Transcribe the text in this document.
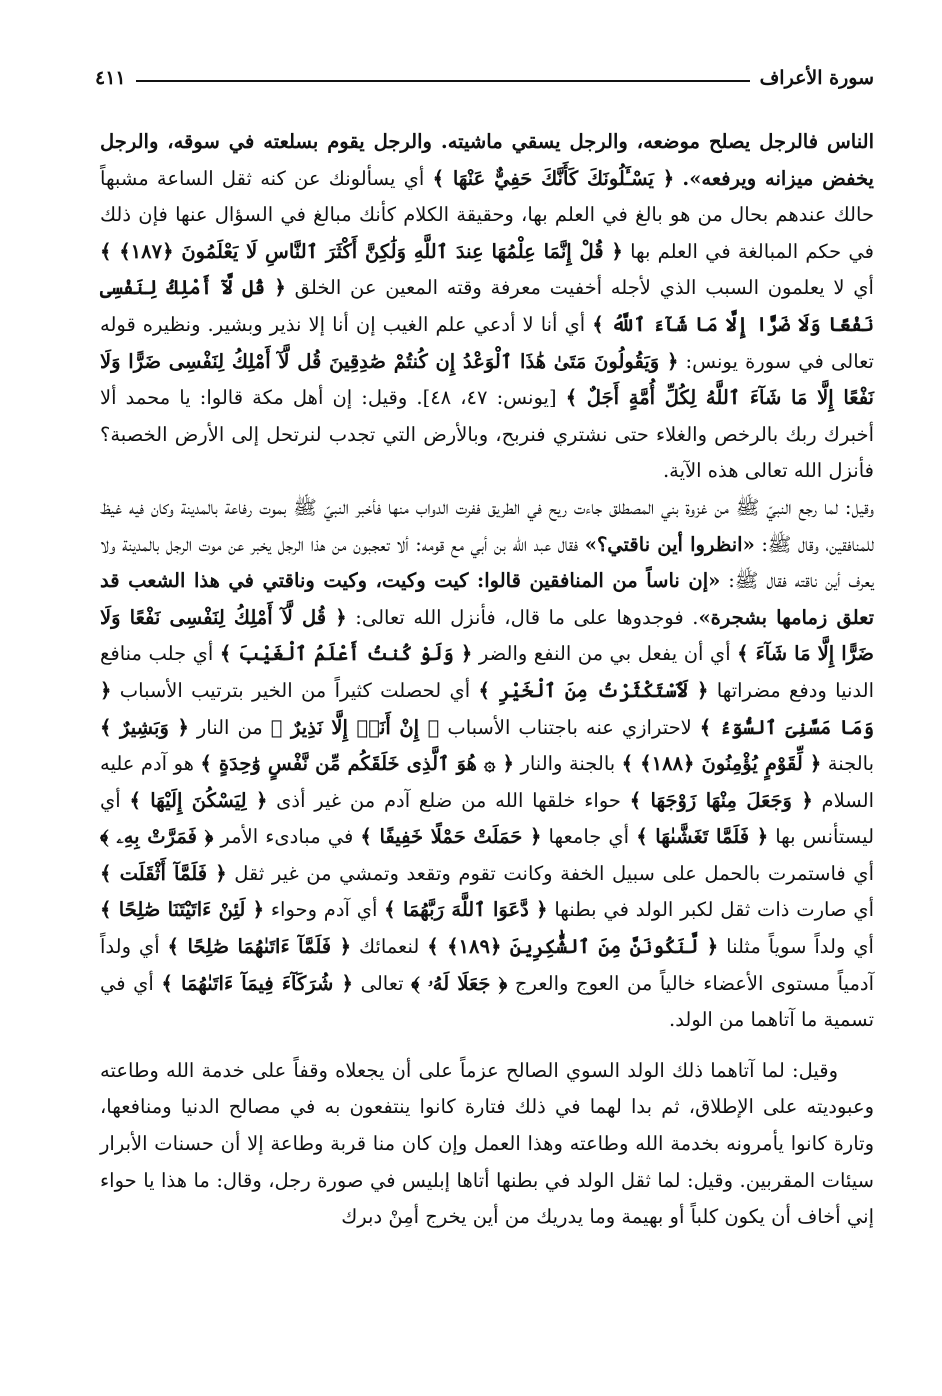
سورة الأعراف
٤١١

الناس فالرجل يصلح موضعه، والرجل يسقي ماشيته. والرجل يقوم بسلعته في سوقه، والرجل يخفض ميزانه ويرفعه». ﴿ يَسْـَٔلُونَكَ كَأَنَّكَ حَفِيٌّ عَنْهَا ﴾ أي يسألونك عن كنه ثقل الساعة مشبهاً حالك عندهم بحال من هو بالغ في العلم بها، وحقيقة الكلام كأنك مبالغ في السؤال عنها فإن ذلك في حكم المبالغة في العلم بها ﴿ قُلْ إِنَّمَا عِلْمُهَا عِندَ ٱللَّهِ وَلَٰكِنَّ أَكْثَرَ ٱلنَّاسِ لَا يَعْلَمُونَ ﴿١٨٧﴾ ﴾ أي لا يعلمون السبب الذي لأجله أخفيت معرفة وقته المعين عن الخلق ﴿ قُل لَّآ أَمْلِكُ لِنَفْسِى نَفْعًا وَلَا ضَرًّا إِلَّا مَا شَآءَ ٱللَّهُ ﴾ أي أنا لا أدعي علم الغيب إن أنا إلا نذير وبشير. ونظيره قوله تعالى في سورة يونس: ﴿ وَيَقُولُونَ مَتَىٰ هَٰذَا ٱلْوَعْدُ إِن كُنتُمْ صَٰدِقِينَ قُل لَّآ أَمْلِكُ لِنَفْسِى ضَرًّا وَلَا نَفْعًا إِلَّا مَا شَآءَ ٱللَّهُ لِكُلِّ أُمَّةٍ أَجَلٌ ﴾ [يونس: ٤٧، ٤٨]. وقيل: إن أهل مكة قالوا: يا محمد ألا أخبرك ربك بالرخص والغلاء حتى نشتري فنربح، وبالأرض التي تجدب لنرتحل إلى الأرض الخصبة؟ فأنزل الله تعالى هذه الآية.

وقيل: لما رجع النبيّ ﷺ من غزوة بني المصطلق جاءت ريح في الطريق ففرت الدواب منها فأخبر النبيّ ﷺ بموت رفاعة بالمدينة وكان فيه غيظ للمنافقين، وقال ﷺ: «انظروا أين ناقتي؟» فقال عبد الله بن أبي مع قومه: ألا تعجبون من هذا الرجل يخبر عن موت الرجل بالمدينة ولا يعرف أين ناقته فقال ﷺ: «إن ناساً من المنافقين قالوا: كيت وكيت، وكيت وناقتي في هذا الشعب قد تعلق زمامها بشجرة». فوجدوها على ما قال، فأنزل الله تعالى: ﴿ قُل لَّآ أَمْلِكُ لِنَفْسِى نَفْعًا وَلَا ضَرًّا إِلَّا مَا شَآءَ ﴾ أي أن يفعل بي من النفع والضر ﴿ وَلَوْ كُنتُ أَعْلَمُ ٱلْغَيْبَ ﴾ أي جلب منافع الدنيا ودفع مضراتها ﴿ لَٱسْتَكْثَرْتُ مِنَ ٱلْخَيْرِ ﴾ أي لحصلت كثيراً من الخير بترتيب الأسباب ﴿ وَمَا مَسَّنِىَ ٱلسُّوٓءُ ﴾ لاحترازي عنه باجتناب الأسباب ﴿ إِنْ أَنَا۠ إِلَّا نَذِيرٌ ﴾ من النار ﴿ وَبَشِيرٌ ﴾ بالجنة ﴿ لِّقَوْمٍ يُؤْمِنُونَ ﴿١٨٨﴾ ﴾ بالجنة والنار ﴿ ۞ هُوَ ٱلَّذِى خَلَقَكُم مِّن نَّفْسٍ وَٰحِدَةٍ ﴾ هو آدم عليه السلام ﴿ وَجَعَلَ مِنْهَا زَوْجَهَا ﴾ حواء خلقها الله من ضلع آدم من غير أذى ﴿ لِيَسْكُنَ إِلَيْهَا ﴾ أي ليستأنس بها ﴿ فَلَمَّا تَغَشَّىٰهَا ﴾ أي جامعها ﴿ حَمَلَتْ حَمْلًا خَفِيفًا ﴾ في مبادىء الأمر ﴿ فَمَرَّتْ بِهِۦ ﴾ أي فاستمرت بالحمل على سبيل الخفة وكانت تقوم وتقعد وتمشي من غير ثقل ﴿ فَلَمَّآ أَثْقَلَت ﴾ أي صارت ذات ثقل لكبر الولد في بطنها ﴿ دَّعَوَا ٱللَّهَ رَبَّهُمَا ﴾ أي آدم وحواء ﴿ لَئِنْ ءَاتَيْتَنَا صَٰلِحًا ﴾ أي ولداً سوياً مثلنا ﴿ لَّنَكُونَنَّ مِنَ ٱلشَّٰكِرِينَ ﴿١٨٩﴾ ﴾ لنعمائك ﴿ فَلَمَّآ ءَاتَىٰهُمَا صَٰلِحًا ﴾ أي ولداً آدمياً مستوى الأعضاء خالياً من العوج والعرج ﴿ جَعَلَا لَهُۥ ﴾ تعالى ﴿ شُرَكَآءَ فِيمَآ ءَاتَىٰهُمَا ﴾ أي في تسمية ما آتاهما من الولد.

وقيل: لما آتاهما ذلك الولد السوي الصالح عزماً على أن يجعلاه وقفاً على خدمة الله وطاعته وعبوديته على الإطلاق، ثم بدا لهما في ذلك فتارة كانوا ينتفعون به في مصالح الدنيا ومنافعها، وتارة كانوا يأمرونه بخدمة الله وطاعته وهذا العمل وإن كان منا قربة وطاعة إلا أن حسنات الأبرار سيئات المقربين. وقيل: لما ثقل الولد في بطنها أتاها إبليس في صورة رجل، وقال: ما هذا يا حواء إني أخاف أن يكون كلباً أو بهيمة وما يدريك من أين يخرج أمِنْ دبرك
